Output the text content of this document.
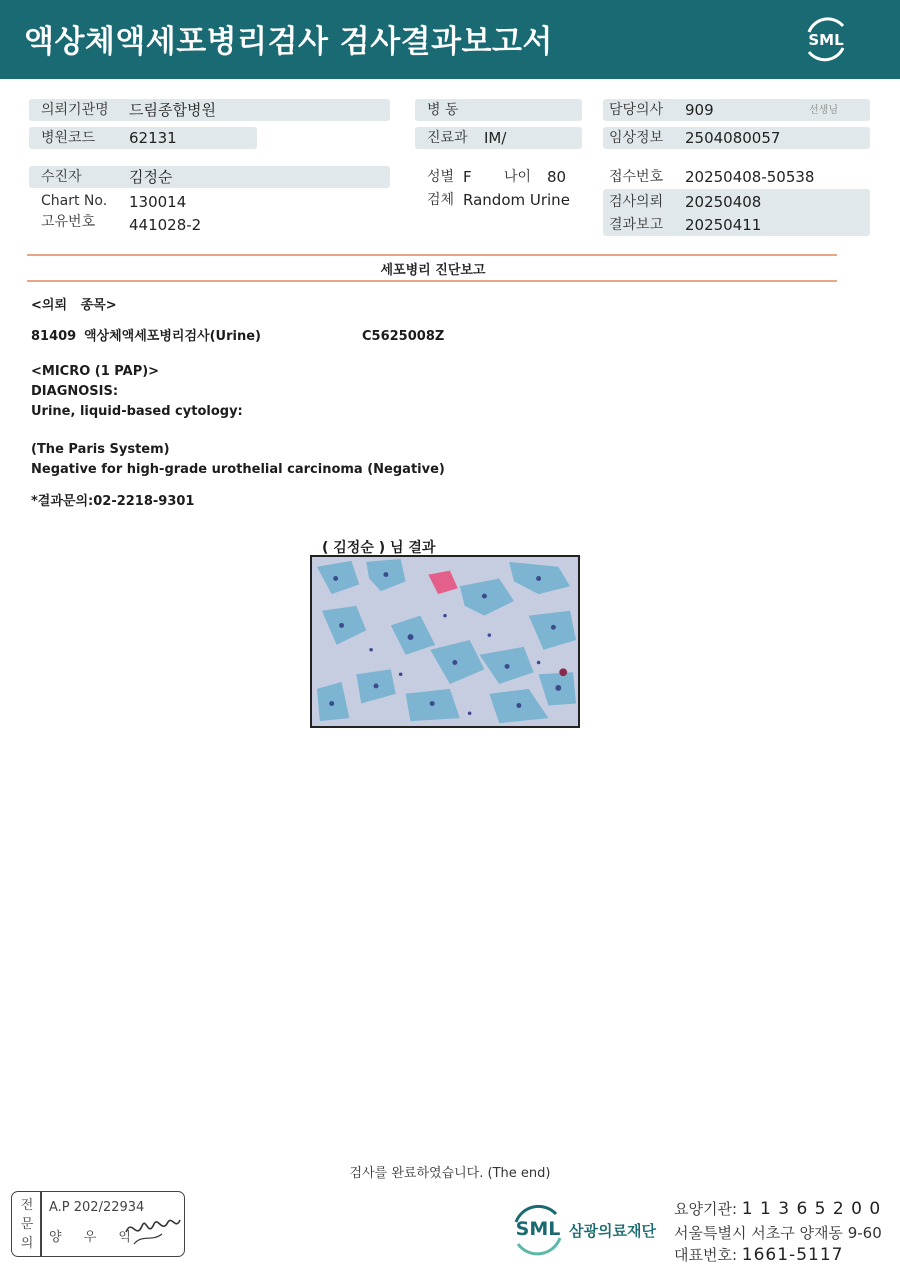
액상체액세포병리검사 검사결과보고서	SML
의뢰기관명 드림종합병원
병원코드 62131
수진자	김정순
Chart No. 130014
고유번호 441028-2
병 동
진료과 IM/
성별 F 나이 80
검체 Random Urine
담당의사 909	선생님
임상정보 2504080057
접수번호 20250408-50538
검사의뢰 20250408
결과보고 20250411
세포병리 진단보고
<의뢰   종목>
81409 액상체액세포병리검사(Urine)	C5625008Z
<MICRO (1 PAP)>
DIAGNOSIS:
Urine, liquid-based cytology:
(The Paris System)
Negative for high-grade urothelial carcinoma (Negative)
*결과문의:02-2218-9301
( 김정순 ) 님 결과
검사를 완료하였습니다. (The end)
전
문
의
A.P 202/22934
양 우 익	SML 삼광의료재단
요양기관: 1 1 3 6 5 2 0 0
서울특별시 서초구 양재동 9-60
대표번호: 1661-5117
